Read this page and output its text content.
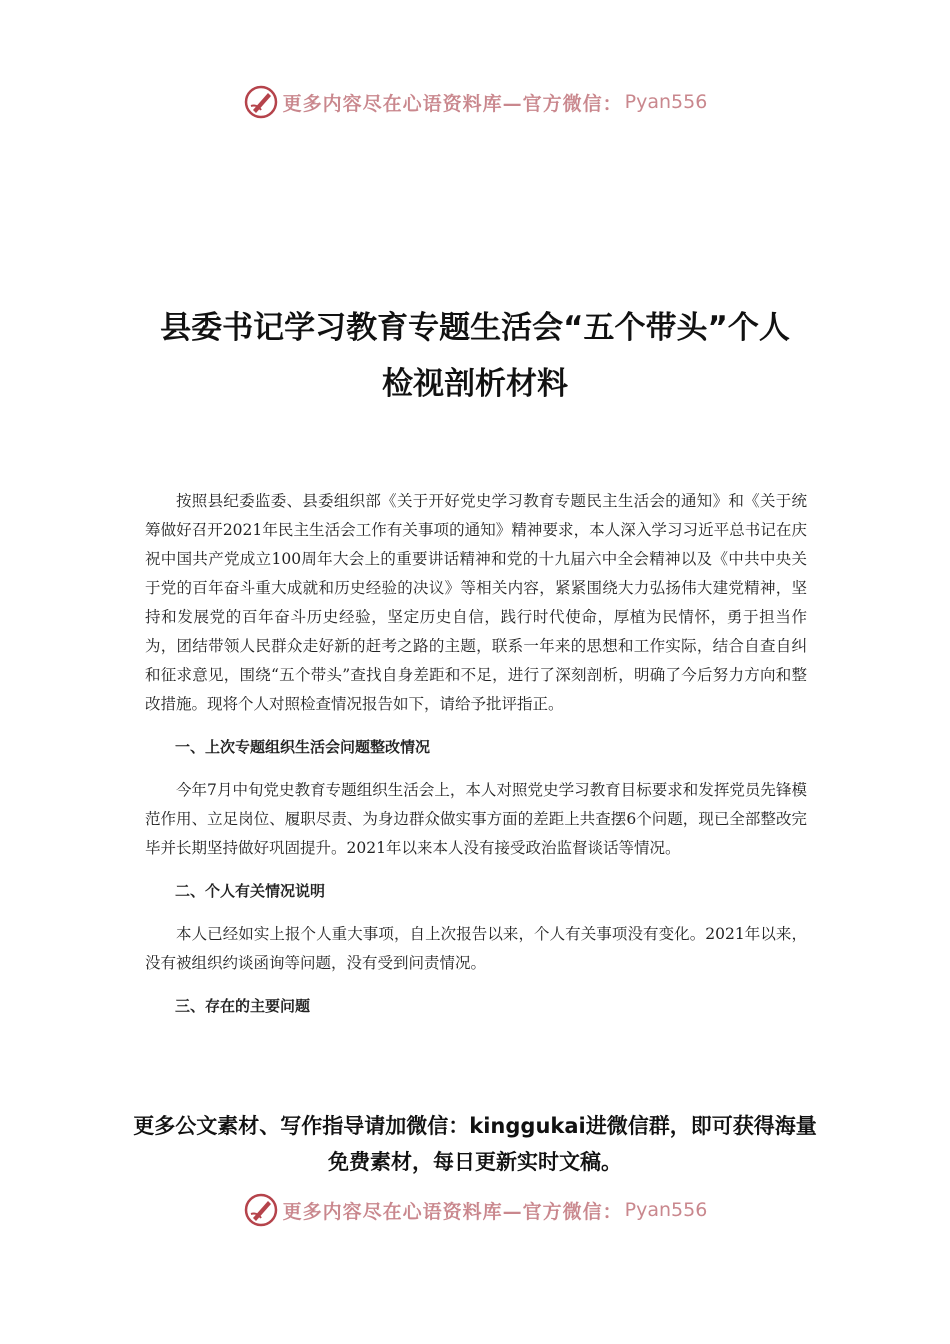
更多内容尽在心语资料库—官方微信： Pyan556
县委书记学习教育专题生活会“五个带头”个人检视剖析材料

按照县纪委监委、县委组织部《关于开好党史学习教育专题民主生活会的通知》和《关于统筹做好召开2021年民主生活会工作有关事项的通知》精神要求，本人深入学习习近平总书记在庆祝中国共产党成立100周年大会上的重要讲话精神和党的十九届六中全会精神以及《中共中央关于党的百年奋斗重大成就和历史经验的决议》等相关内容，紧紧围绕大力弘扬伟大建党精神，坚持和发展党的百年奋斗历史经验，坚定历史自信，践行时代使命，厚植为民情怀，勇于担当作为，团结带领人民群众走好新的赶考之路的主题，联系一年来的思想和工作实际，结合自查自纠和征求意见，围绕“五个带头”查找自身差距和不足，进行了深刻剖析，明确了今后努力方向和整改措施。现将个人对照检查情况报告如下，请给予批评指正。

一、上次专题组织生活会问题整改情况

今年7月中旬党史教育专题组织生活会上，本人对照党史学习教育目标要求和发挥党员先锋模范作用、立足岗位、履职尽责、为身边群众做实事方面的差距上共查摆6个问题，现已全部整改完毕并长期坚持做好巩固提升。2021年以来本人没有接受政治监督谈话等情况。

二、个人有关情况说明

本人已经如实上报个人重大事项，自上次报告以来，个人有关事项没有变化。2021年以来，没有被组织约谈函询等问题，没有受到问责情况。

三、存在的主要问题

更多公文素材、写作指导请加微信：kinggukai进微信群，即可获得海量免费素材，每日更新实时文稿。
更多内容尽在心语资料库—官方微信： Pyan556
